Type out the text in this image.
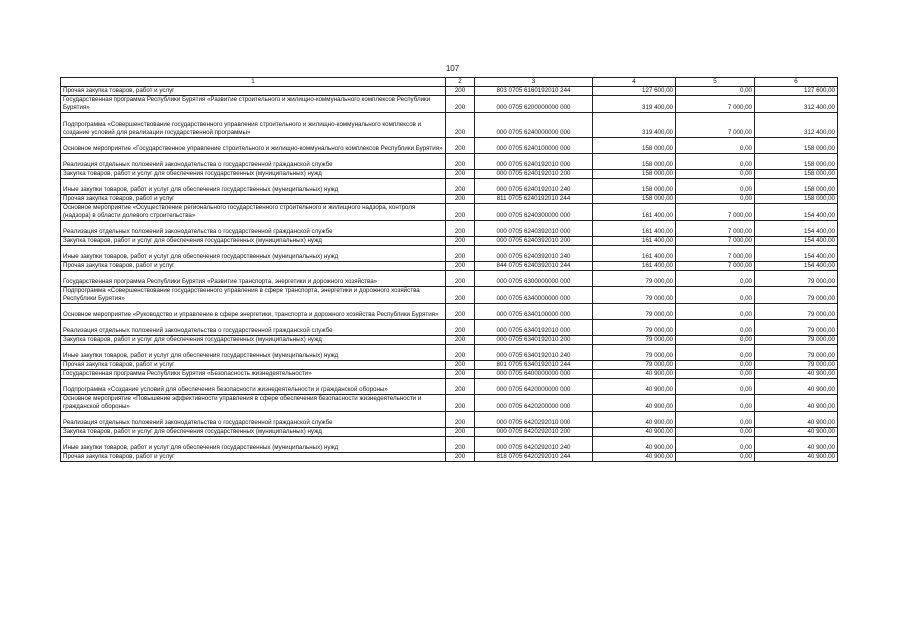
107
1	2	3	4	5	6
Прочая закупка товаров, работ и услуг	200	803 0705 6160192010 244	127 600,00	0,00	127 600,00
Государственная программа Республики Бурятия «Развитие строительного и жилищно-коммунального комплексов Республики Бурятия»	200	000 0705 6200000000 000	319 400,00	7 000,00	312 400,00
Подпрограмма «Совершенствование государственного управления строительного и жилищно-коммунального комплексов и создание условий для реализации государственной программы»	200	000 0705 6240000000 000	319 400,00	7 000,00	312 400,00
Основное мероприятие «Государственное управление строительного и жилищно-коммунального комплексов Республики Бурятия»	200	000 0705 6240100000 000	158 000,00	0,00	158 000,00
Реализация отдельных положений законодательства о государственной гражданской службе	200	000 0705 6240192010 000	158 000,00	0,00	158 000,00
Закупка товаров, работ и услуг для обеспечения государственных (муниципальных) нужд	200	000 0705 6240192010 200	158 000,00	0,00	158 000,00
Иные закупки товаров, работ и услуг для обеспечения государственных (муниципальных) нужд	200	000 0705 6240192010 240	158 000,00	0,00	158 000,00
Прочая закупка товаров, работ и услуг	200	811 0705 6240192010 244	158 000,00	0,00	158 000,00
Основное мероприятие «Осуществление регионального государственного строительного и жилищного надзора, контроля (надзора) в области долевого строительства»	200	000 0705 6240300000 000	161 400,00	7 000,00	154 400,00
Реализация отдельных положений законодательства о государственной гражданской службе	200	000 0705 6240392010 000	161 400,00	7 000,00	154 400,00
Закупка товаров, работ и услуг для обеспечения государственных (муниципальных) нужд	200	000 0705 6240392010 200	161 400,00	7 000,00	154 400,00
Иные закупки товаров, работ и услуг для обеспечения государственных (муниципальных) нужд	200	000 0705 6240392010 240	161 400,00	7 000,00	154 400,00
Прочая закупка товаров, работ и услуг	200	844 0705 6240392010 244	161 400,00	7 000,00	154 400,00
Государственная программа Республики Бурятия «Развитие транспорта, энергетики и дорожного хозяйства»	200	000 0705 6300000000 000	79 000,00	0,00	79 000,00
Подпрограмма «Совершенствование государственного управления в сфере транспорта, энергетики и дорожного хозяйства Республики Бурятия»	200	000 0705 6340000000 000	79 000,00	0,00	79 000,00
Основное мероприятие «Руководство и управление в сфере энергетики, транспорта и дорожного хозяйства Республики Бурятия»	200	000 0705 6340100000 000	79 000,00	0,00	79 000,00
Реализация отдельных положений законодательства о государственной гражданской службе	200	000 0705 6340192010 000	79 000,00	0,00	79 000,00
Закупка товаров, работ и услуг для обеспечения государственных (муниципальных) нужд	200	000 0705 6340192010 200	79 000,00	0,00	79 000,00
Иные закупки товаров, работ и услуг для обеспечения государственных (муниципальных) нужд	200	000 0705 6340192010 240	79 000,00	0,00	79 000,00
Прочая закупка товаров, работ и услуг	200	801 0705 6340192010 244	79 000,00	0,00	79 000,00
Государственная программа Республики Бурятия «Безопасность жизнедеятельности»	200	000 0705 6400000000 000	40 900,00	0,00	40 900,00
Подпрограмма «Создание условий для обеспечения безопасности жизнедеятельности и гражданской обороны»	200	000 0705 6420000000 000	40 900,00	0,00	40 900,00
Основное мероприятие «Повышение эффективности управления в сфере обеспечения безопасности жизнедеятельности и гражданской обороны»	200	000 0705 6420200000 000	40 900,00	0,00	40 900,00
Реализация отдельных положений законодательства о государственной гражданской службе	200	000 0705 6420292010 000	40 900,00	0,00	40 900,00
Закупка товаров, работ и услуг для обеспечения государственных (муниципальных) нужд	200	000 0705 6420292010 200	40 900,00	0,00	40 900,00
Иные закупки товаров, работ и услуг для обеспечения государственных (муниципальных) нужд	200	000 0705 6420292010 240	40 900,00	0,00	40 900,00
Прочая закупка товаров, работ и услуг	200	818 0705 6420292010 244	40 900,00	0,00	40 900,00
